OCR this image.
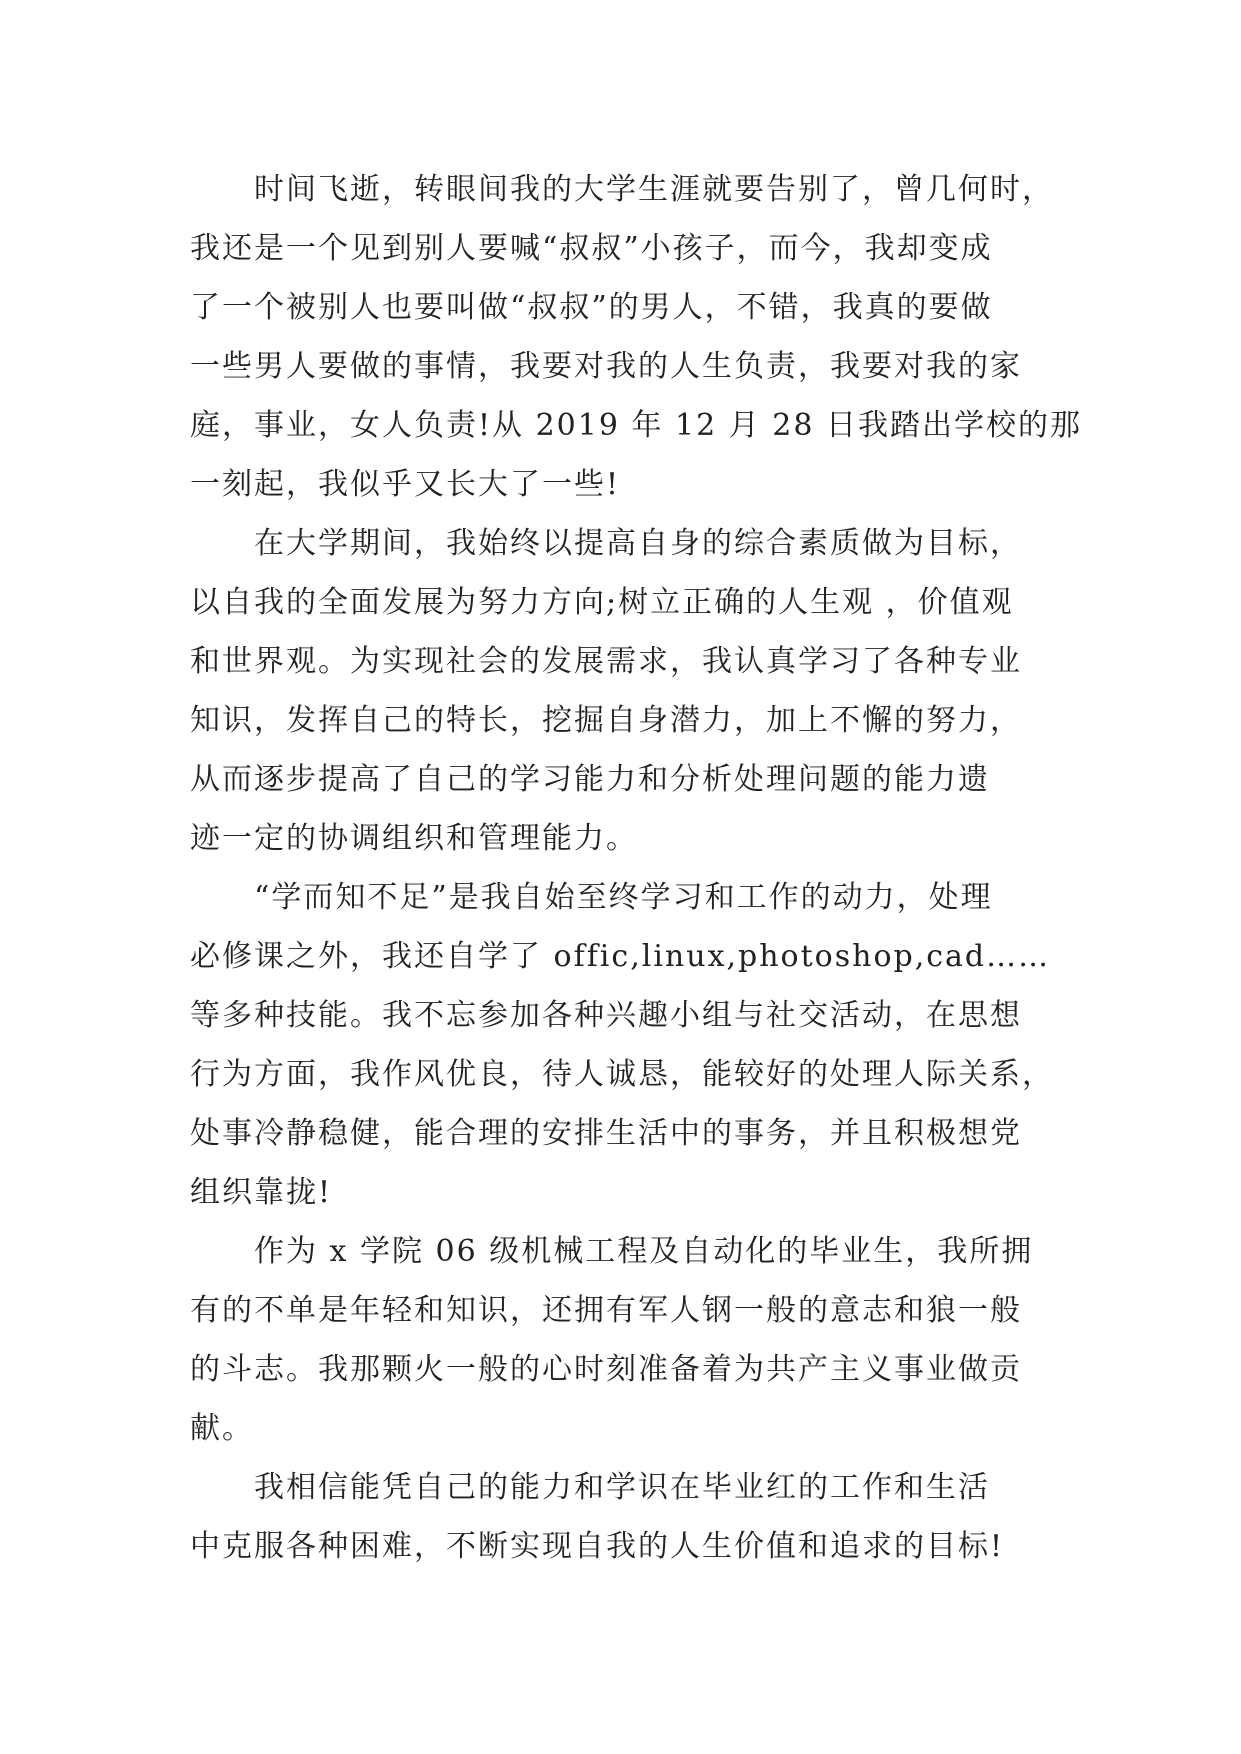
时间飞逝，转眼间我的大学生涯就要告别了，曾几何时，
我还是一个见到别人要喊“叔叔”小孩子，而今，我却变成
了一个被别人也要叫做“叔叔”的男人，不错，我真的要做
一些男人要做的事情，我要对我的人生负责，我要对我的家
庭，事业，女人负责!从 2019 年 12 月 28 日我踏出学校的那
一刻起，我似乎又长大了一些!

在大学期间，我始终以提高自身的综合素质做为目标，
以自我的全面发展为努力方向;树立正确的人生观 ，价值观
和世界观。为实现社会的发展需求，我认真学习了各种专业
知识，发挥自己的特长，挖掘自身潜力，加上不懈的努力，
从而逐步提高了自己的学习能力和分析处理问题的能力遗
迹一定的协调组织和管理能力。

“学而知不足”是我自始至终学习和工作的动力，处理
必修课之外，我还自学了 offic,linux,photoshop,cad……
等多种技能。我不忘参加各种兴趣小组与社交活动，在思想
行为方面，我作风优良，待人诚恳，能较好的处理人际关系，
处事冷静稳健，能合理的安排生活中的事务，并且积极想党
组织靠拢!

作为 x 学院 06 级机械工程及自动化的毕业生，我所拥
有的不单是年轻和知识，还拥有军人钢一般的意志和狼一般
的斗志。我那颗火一般的心时刻准备着为共产主义事业做贡
献。

我相信能凭自己的能力和学识在毕业红的工作和生活
中克服各种困难，不断实现自我的人生价值和追求的目标!
